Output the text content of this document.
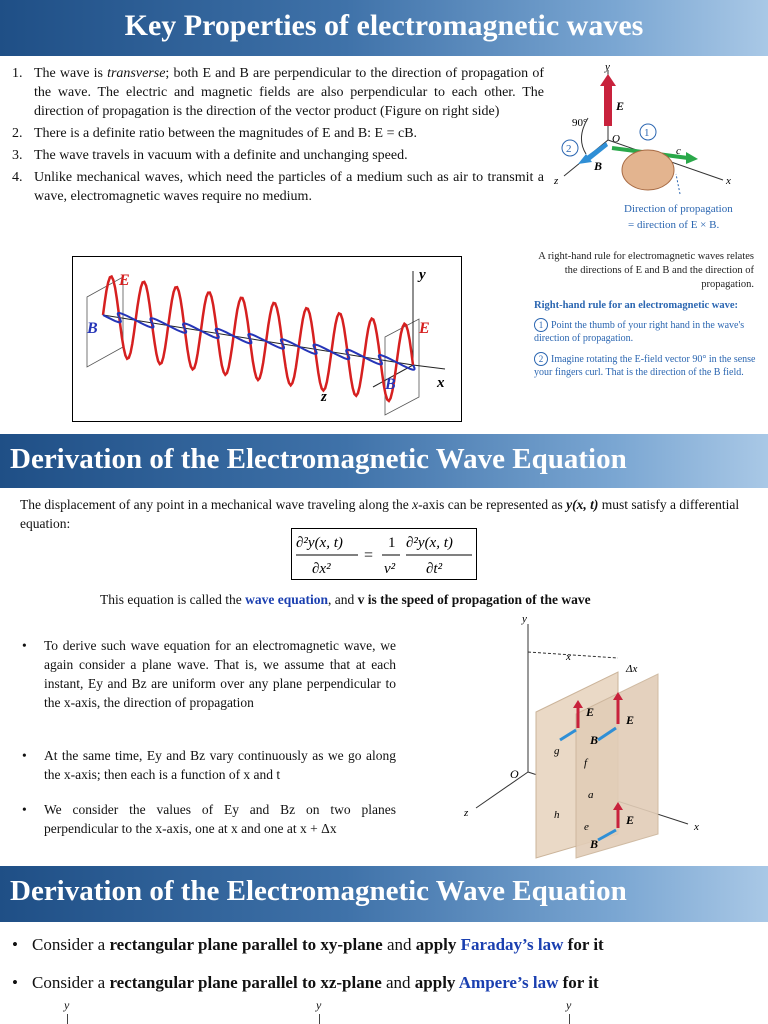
Key Properties of electromagnetic waves
1. The wave is transverse; both E and B are perpendicular to the direction of propagation of the wave. The electric and magnetic fields are also perpendicular to each other. The direction of propagation is the direction of the vector product (Figure on right side)
2. There is a definite ratio between the magnitudes of E and B: E = cB.
3. The wave travels in vacuum with a definite and unchanging speed.
4. Unlike mechanical waves, which need the particles of a medium such as air to transmit a wave, electromagnetic waves require no medium.
y
x
z
O
E
B
90°
c
1
2
Direction of propagation
= direction of E × B.
A right-hand rule for electromagnetic waves relates the directions of E and B and the direction of propagation.
Right-hand rule for an electromagnetic wave:
1 Point the thumb of your right hand in the wave's direction of propagation.
2 Imagine rotating the E-field vector 90° in the sense your fingers curl. That is the direction of the B field.
E
B	E
B
y
x
z
Derivation of the Electromagnetic Wave Equation
The displacement of any point in a mechanical wave traveling along the x-axis can be represented as y(x, t) must satisfy a differential equation:
∂²y(x, t)
∂x²
=
1
v²
∂²y(x, t)
∂t²
This equation is called the wave equation, and v is the speed of propagation of the wave
• To derive such wave equation for an electromagnetic wave, we again consider a plane wave. That is, we assume that at each instant, Ey and Bz are uniform over any plane perpendicular to the x-axis, the direction of propagation
• At the same time, Ey and Bz vary continuously as we go along the x-axis; then each is a function of x and t
• We consider the values of Ey and Bz on two planes perpendicular to the x-axis, one at x and one at x + Δx
y
x
z
O
x
Δx
g
h
f
e
a
E
B
E
E
B
Derivation of the Electromagnetic Wave Equation
• Consider a rectangular plane parallel to xy-plane and apply Faraday’s law for it
• Consider a rectangular plane parallel to xz-plane and apply Ampere’s law for it
y	y	y
